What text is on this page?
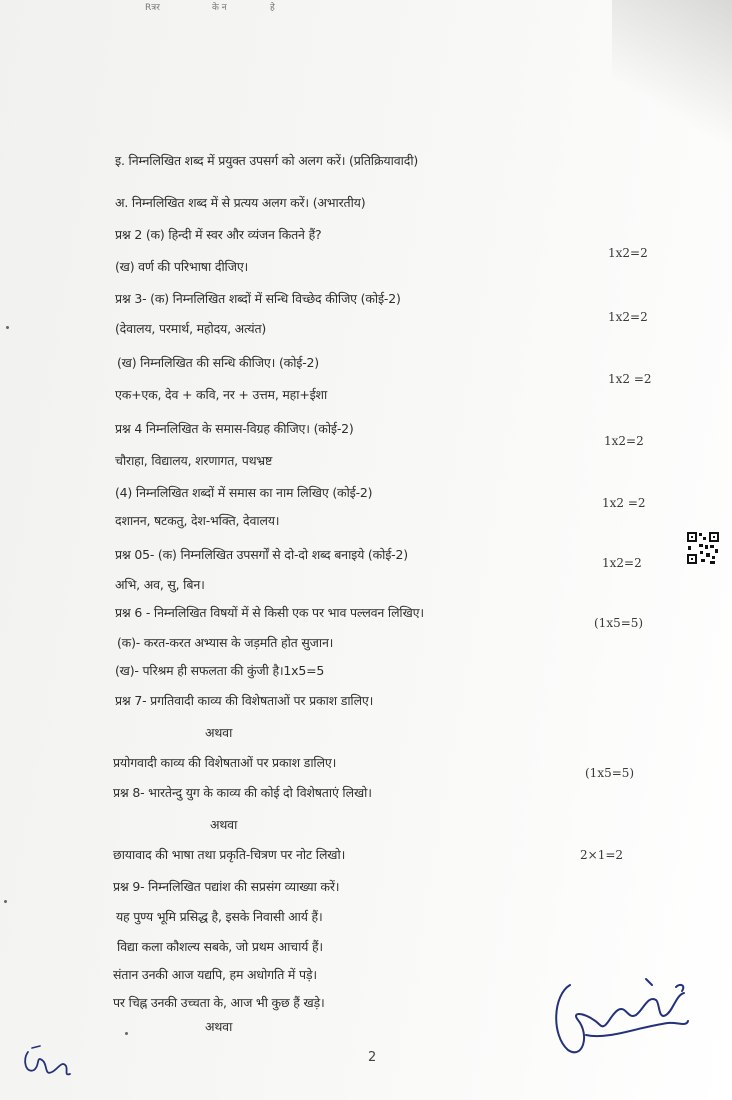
Rत्रर	के न	हे
इ. निम्नलिखित शब्द में प्रयुक्त उपसर्ग को अलग करें। (प्रतिक्रियावादी)
अ. निम्नलिखित शब्द में से प्रत्यय अलग करें। (अभारतीय)
प्रश्न 2 (क) हिन्दी में स्वर और व्यंजन कितने हैं?
1x2=2
(ख) वर्ण की परिभाषा दीजिए।
प्रश्न 3- (क) निम्नलिखित शब्दों में सन्धि विच्छेद कीजिए (कोई-2)
1x2=2
(देवालय, परमार्थ, महोदय, अत्यंत)
(ख) निम्नलिखित की सन्धि कीजिए। (कोई-2)
1x2 =2
एक+एक, देव + कवि, नर + उत्तम, महा+ईशा
प्रश्न 4 निम्नलिखित के समास-विग्रह कीजिए। (कोई-2)
1x2=2
चौराहा, विद्यालय, शरणागत, पथभ्रष्ट
(4) निम्नलिखित शब्दों में समास का नाम लिखिए (कोई-2)
1x2 =2
दशानन, षटकतु, देश-भक्ति, देवालय।
प्रश्न 05- (क) निम्नलिखित उपसर्गों से दो-दो शब्द बनाइये (कोई-2)
1x2=2
अभि, अव, सु, बिन।
प्रश्न 6 - निम्नलिखित विषयों में से किसी एक पर भाव पल्लवन लिखिए।
(1x5=5)
(क)- करत-करत अभ्यास के जड़मति होत सुजान।
(ख)- परिश्रम ही सफलता की कुंजी है।1x5=5
प्रश्न 7- प्रगतिवादी काव्य की विशेषताओं पर प्रकाश डालिए।
अथवा
प्रयोगवादी काव्य की विशेषताओं पर प्रकाश डालिए।
(1x5=5)
प्रश्न 8- भारतेन्दु युग के काव्य की कोई दो विशेषताएं लिखो।
अथवा
छायावाद की भाषा तथा प्रकृति-चित्रण पर नोट लिखो।	2×1=2
प्रश्न 9- निम्नलिखित पद्यांश की सप्रसंग व्याख्या करें।
यह पुण्य भूमि प्रसिद्ध है, इसके निवासी आर्य हैं।
विद्या कला कौशल्य सबके, जो प्रथम आचार्य हैं।
संतान उनकी आज यद्यपि, हम अधोगति में पड़े।
पर चिह्न उनकी उच्चता के, आज भी कुछ हैं खड़े।
अथवा
2
